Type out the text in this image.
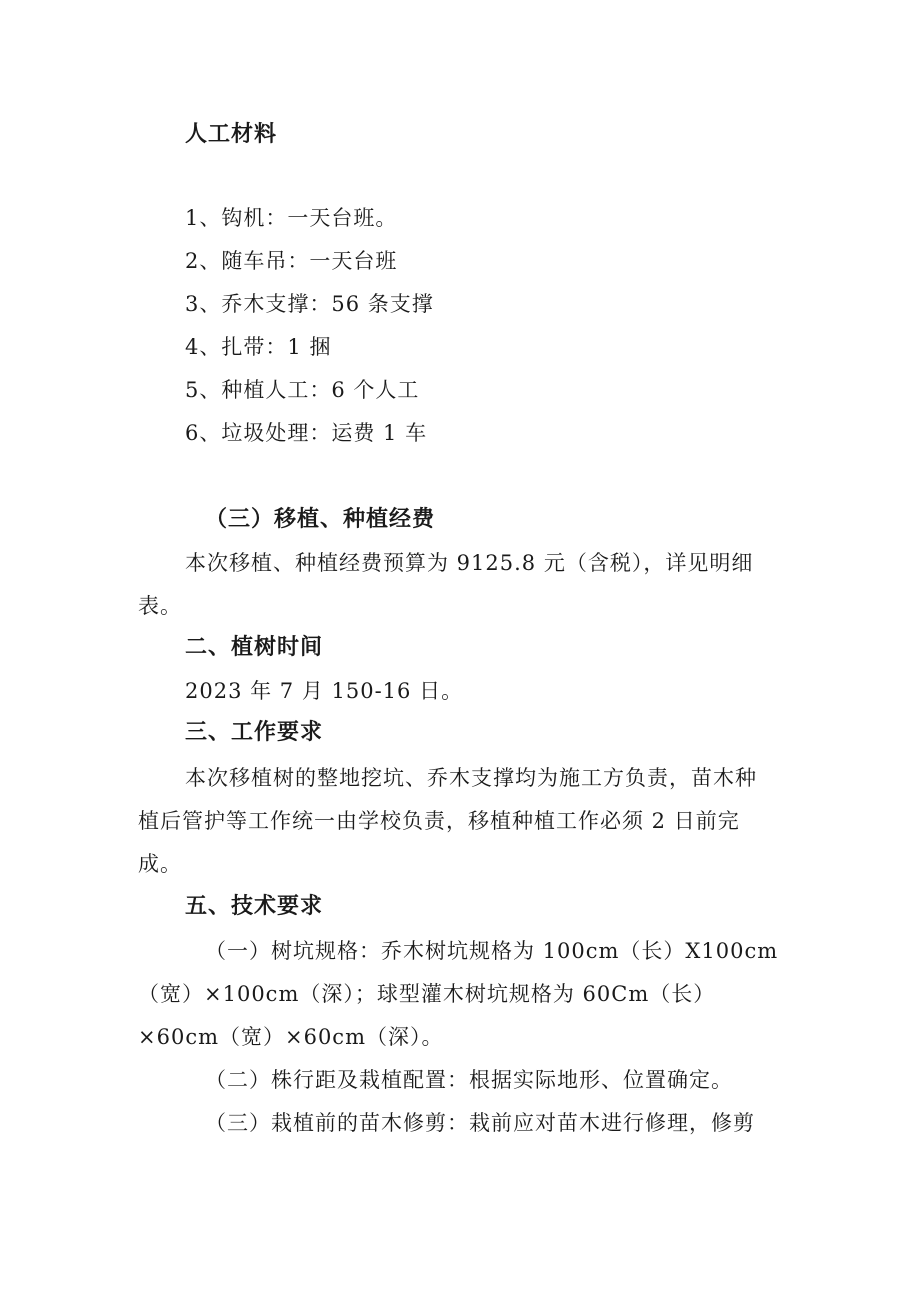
人工材料
1、钩机：一天台班。
2、随车吊：一天台班
3、乔木支撑：56 条支撑
4、扎带：1 捆
5、种植人工：6 个人工
6、垃圾处理：运费 1 车
（三）移植、种植经费
本次移植、种植经费预算为 9125.8 元（含税），详见明细
表。
二、植树时间
2023 年 7 月 150-16 日。
三、工作要求
本次移植树的整地挖坑、乔木支撑均为施工方负责，苗木种
植后管护等工作统一由学校负责，移植种植工作必须 2 日前完
成。
五、技术要求
（一）树坑规格：乔木树坑规格为 100cm（长）X100cm
（宽）×100cm（深）；球型灌木树坑规格为 60Cm（长）
×60cm（宽）×60cm（深）。
（二）株行距及栽植配置：根据实际地形、位置确定。
（三）栽植前的苗木修剪：栽前应对苗木进行修理，修剪
